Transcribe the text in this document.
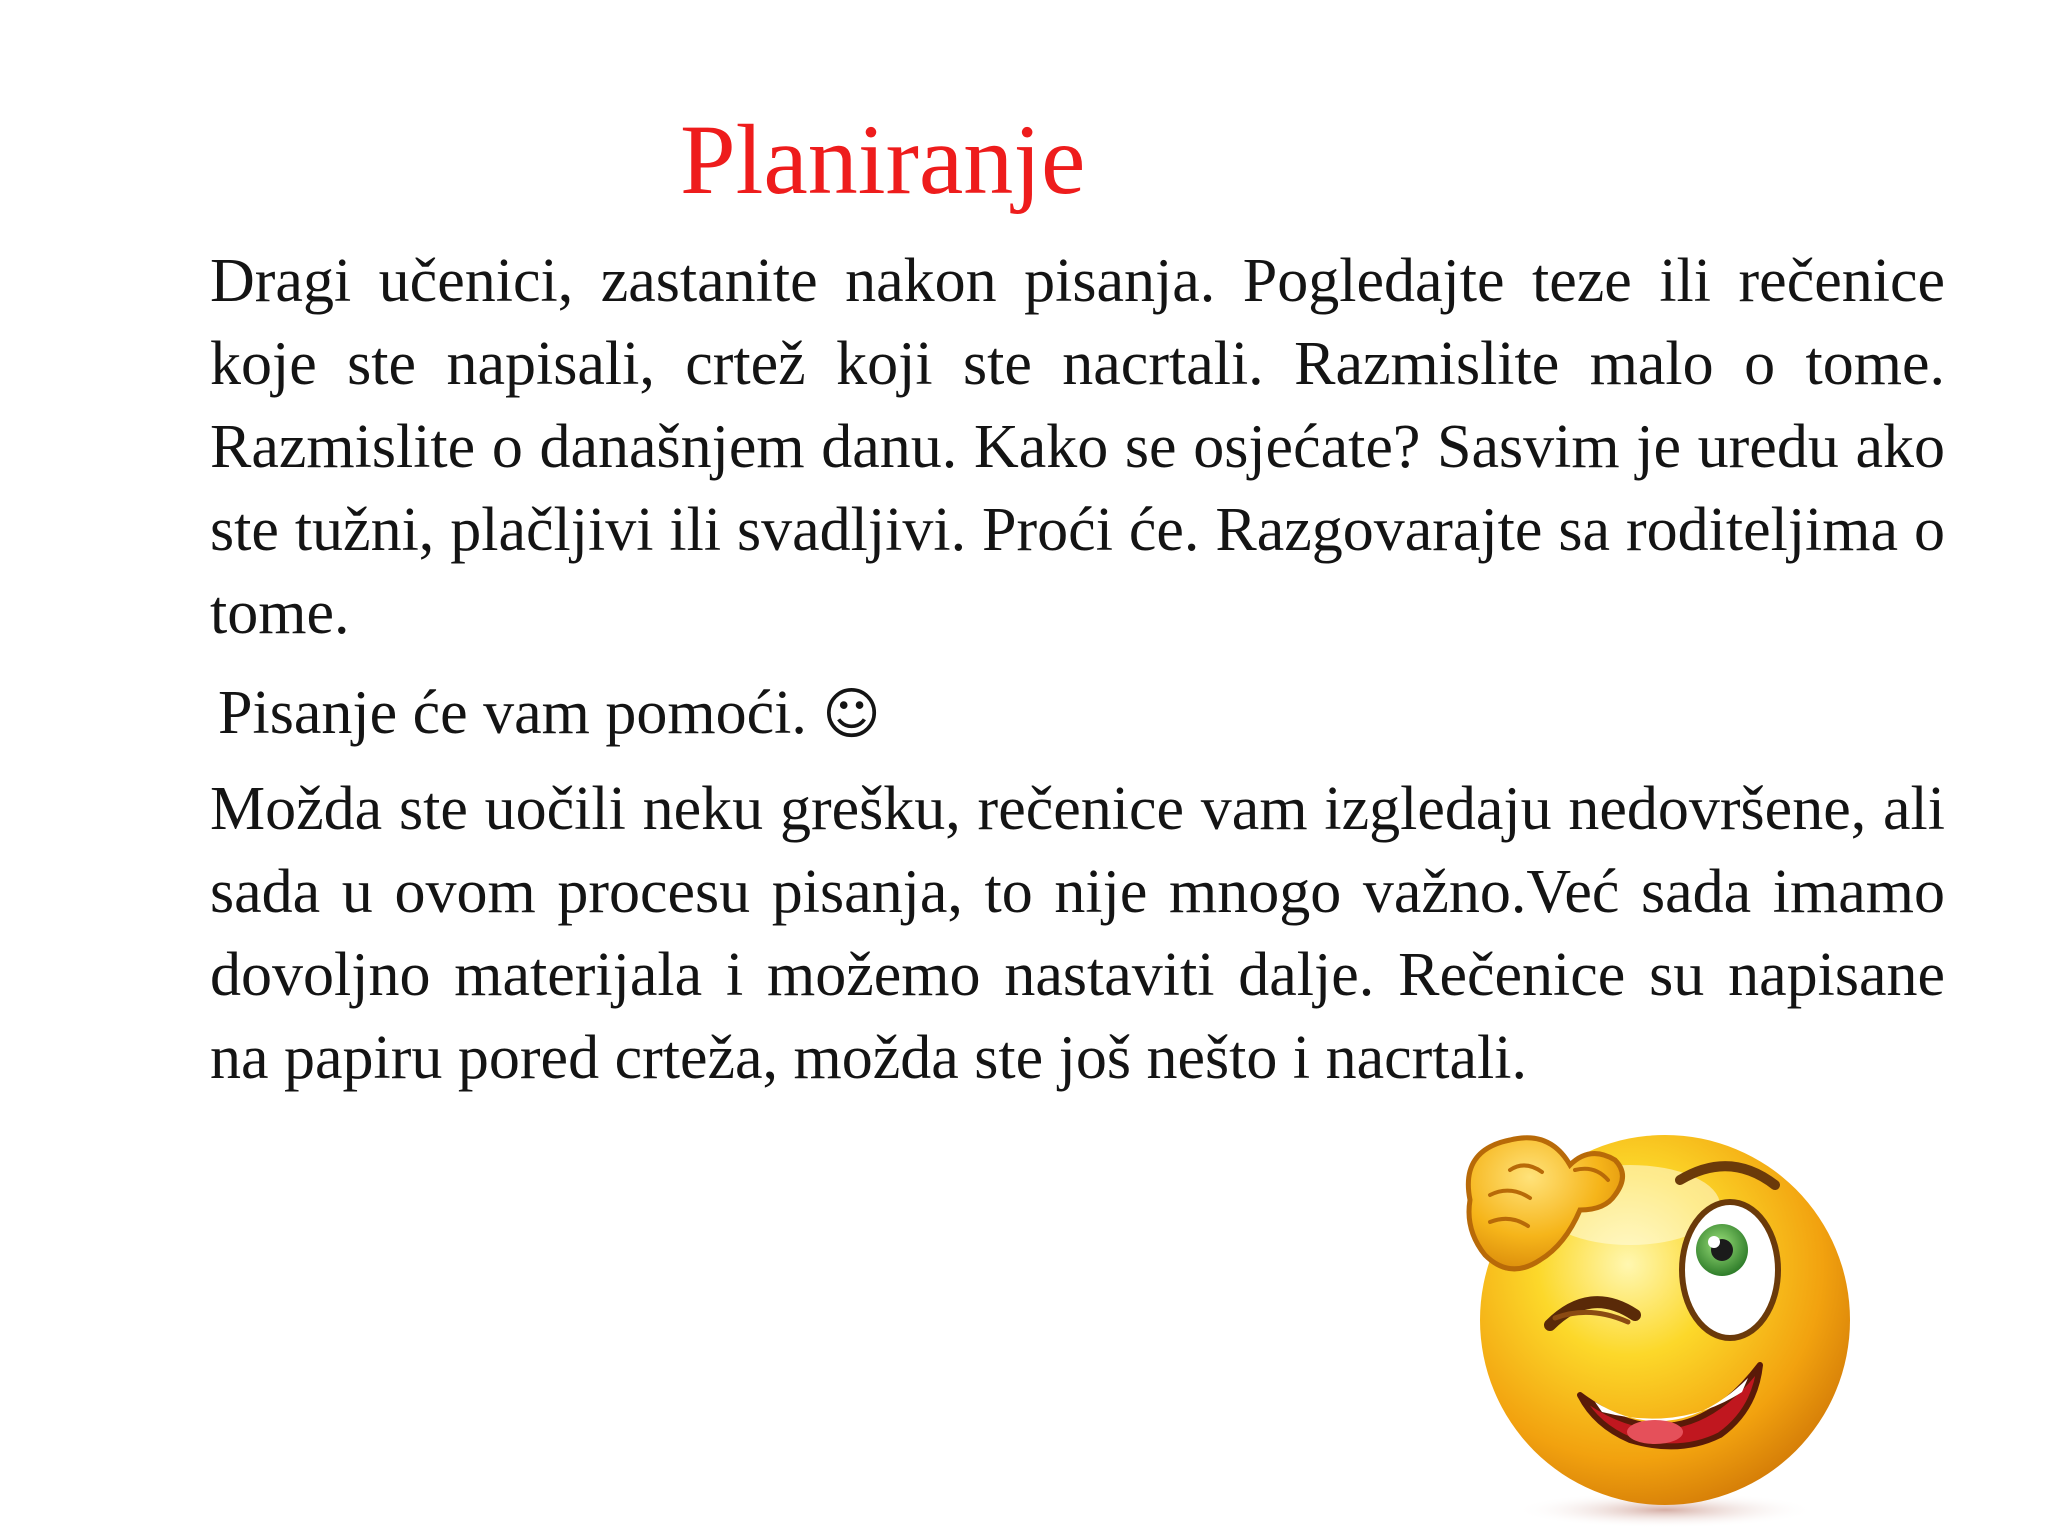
Planiranje

Dragi učenici, zastanite nakon pisanja. Pogledajte teze ili rečenice koje ste napisali, crtež koji ste nacrtali. Razmislite malo o tome. Razmislite o današnjem danu. Kako se osjećate? Sasvim je uredu ako ste tužni, plačljivi ili svadljivi. Proći će. Razgovarajte sa roditeljima o tome.

Pisanje će vam pomoći. ☺

Možda ste uočili neku grešku, rečenice vam izgledaju nedovršene, ali sada u ovom procesu pisanja, to nije mnogo važno.Već sada imamo dovoljno materijala i možemo nastaviti dalje. Rečenice su napisane na papiru pored crteža, možda ste još nešto i nacrtali.
